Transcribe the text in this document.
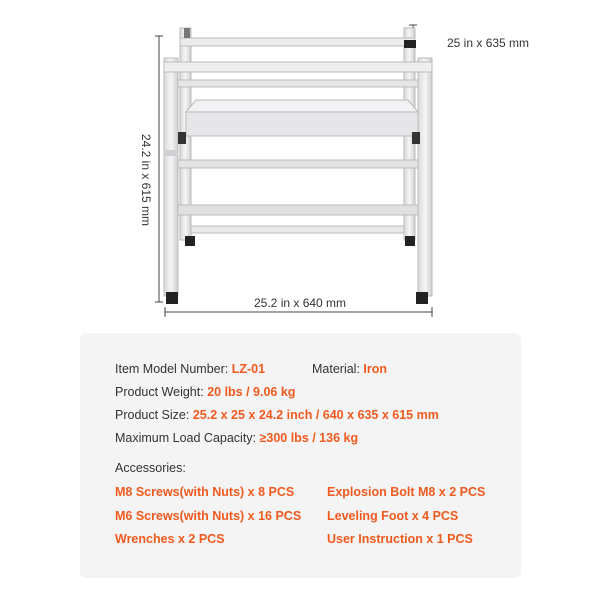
25 in x 635 mm
24.2 in x 615 mm
25.2 in x 640 mm
Item Model Number: LZ-01	Material: Iron
Product Weight: 20 lbs / 9.06 kg
Product Size: 25.2 x 25 x 24.2 inch / 640 x 635 x 615 mm
Maximum Load Capacity: ≥300 lbs / 136 kg
Accessories:
M8 Screws(with Nuts) x 8 PCS	Explosion Bolt M8 x 2 PCS
M6 Screws(with Nuts) x 16 PCS Leveling Foot x 4 PCS
Wrenches x 2 PCS	User Instruction x 1 PCS
